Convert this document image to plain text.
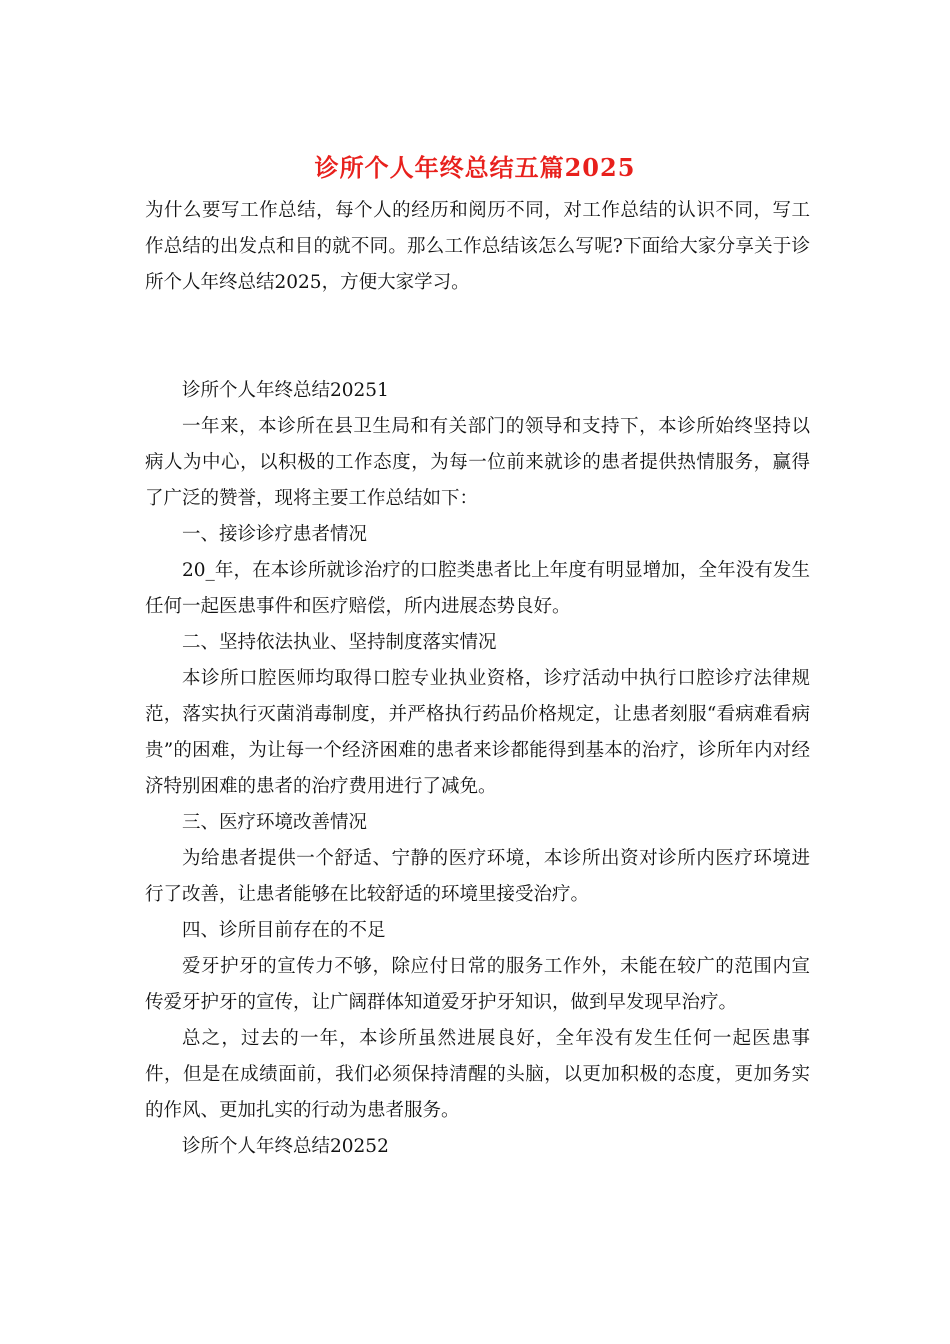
诊所个人年终总结五篇2025

为什么要写工作总结，每个人的经历和阅历不同，对工作总结的认识不同，写工作总结的出发点和目的就不同。那么工作总结该怎么写呢?下面给大家分享关于诊所个人年终总结2025，方便大家学习。

诊所个人年终总结20251

一年来，本诊所在县卫生局和有关部门的领导和支持下，本诊所始终坚持以病人为中心，以积极的工作态度，为每一位前来就诊的患者提供热情服务，赢得了广泛的赞誉，现将主要工作总结如下：

一、接诊诊疗患者情况

20_年，在本诊所就诊治疗的口腔类患者比上年度有明显增加，全年没有发生任何一起医患事件和医疗赔偿，所内进展态势良好。

二、坚持依法执业、坚持制度落实情况

本诊所口腔医师均取得口腔专业执业资格，诊疗活动中执行口腔诊疗法律规范，落实执行灭菌消毒制度，并严格执行药品价格规定，让患者刻服“看病难看病贵”的困难，为让每一个经济困难的患者来诊都能得到基本的治疗，诊所年内对经济特别困难的患者的治疗费用进行了减免。

三、医疗环境改善情况

为给患者提供一个舒适、宁静的医疗环境，本诊所出资对诊所内医疗环境进行了改善，让患者能够在比较舒适的环境里接受治疗。

四、诊所目前存在的不足

爱牙护牙的宣传力不够，除应付日常的服务工作外，未能在较广的范围内宣传爱牙护牙的宣传，让广阔群体知道爱牙护牙知识，做到早发现早治疗。

总之，过去的一年，本诊所虽然进展良好，全年没有发生任何一起医患事件，但是在成绩面前，我们必须保持清醒的头脑，以更加积极的态度，更加务实的作风、更加扎实的行动为患者服务。

诊所个人年终总结20252
